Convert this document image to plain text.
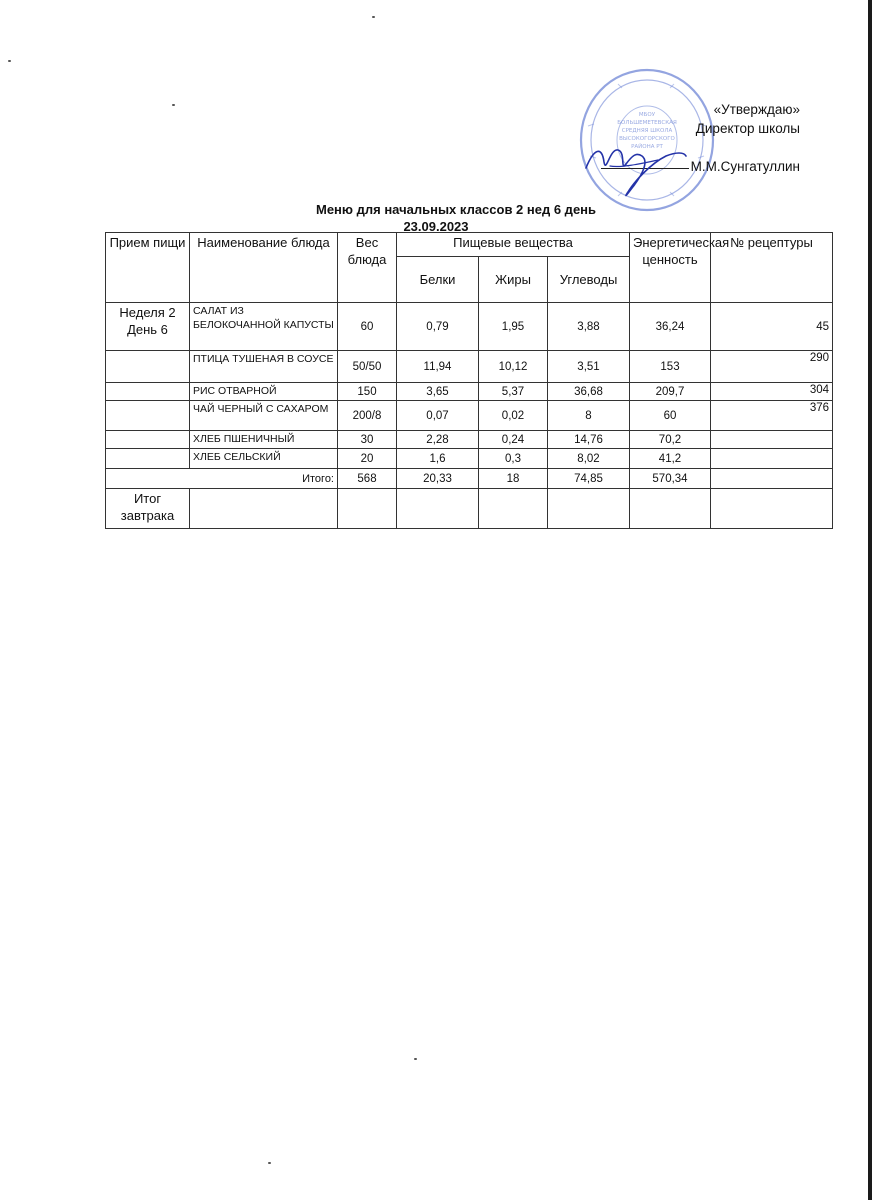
МБОУ
БОЛЬШЕМЕТЕВСКАЯ
СРЕДНЯЯ ШКОЛА
ВЫСОКОГОРСКОГО
РАЙОНА РТ
«Утверждаю»
Директор школы
М.М.Сунгатуллин
Меню для начальных классов 2 нед 6 день
23.09.2023
Прием пищи	Наименование блюда	Вес блюда	Пищевые вещества			Энергетическая ценность	№ рецептуры
			Белки	Жиры	Углеводы		
Неделя 2 День 6	САЛАТ ИЗ БЕЛОКОЧАННОЙ КАПУСТЫ	60	0,79	1,95	3,88	36,24	45
	ПТИЦА ТУШЕНАЯ В СОУСЕ	50/50	11,94	10,12	3,51	153	290
	РИС ОТВАРНОЙ	150	3,65	5,37	36,68	209,7	304
	ЧАЙ ЧЕРНЫЙ С САХАРОМ	200/8	0,07	0,02	8	60	376
	ХЛЕБ ПШЕНИЧНЫЙ	30	2,28	0,24	14,76	70,2	
	ХЛЕБ СЕЛЬСКИЙ	20	1,6	0,3	8,02	41,2	
Итого:		568	20,33	18	74,85	570,34	
Итог завтрака							
